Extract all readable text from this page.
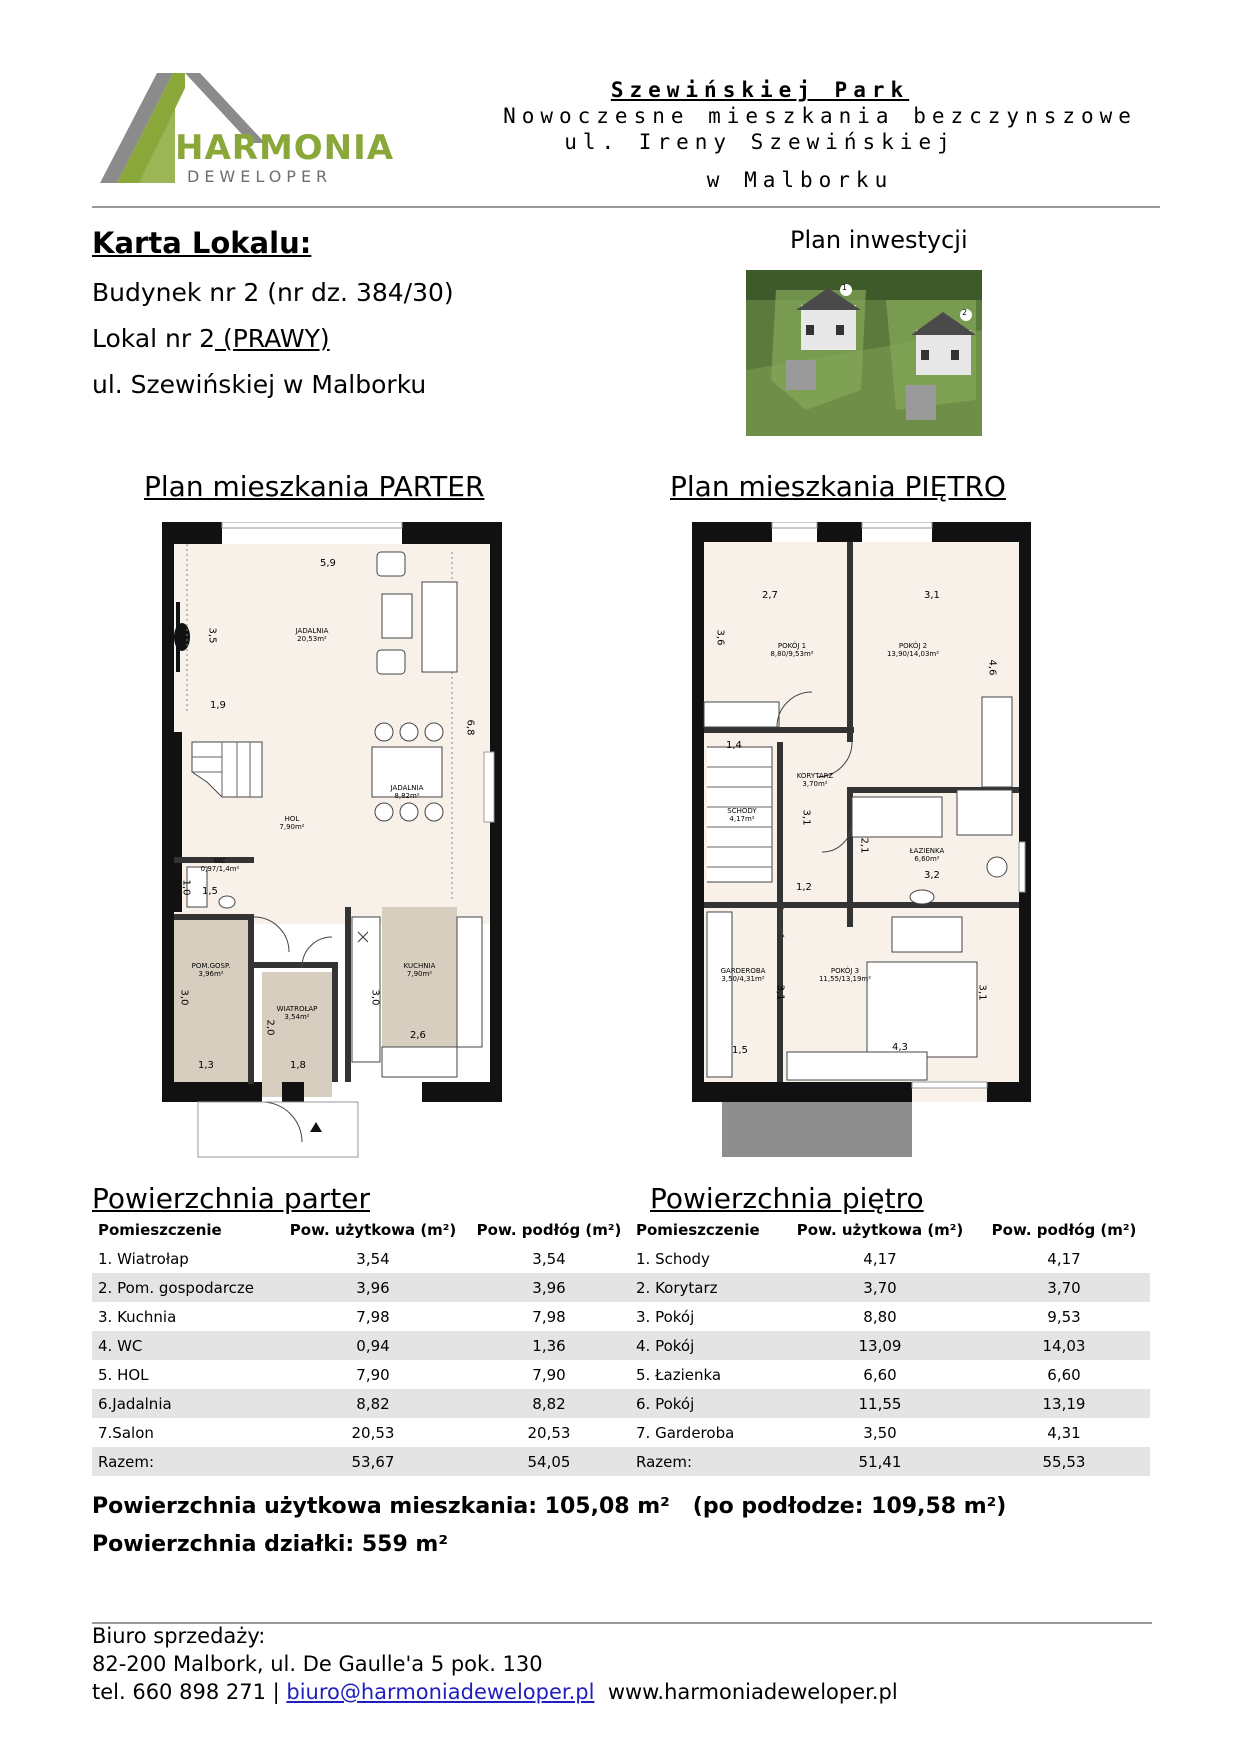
HARMONIA
DEWELOPER
Szewińskiej Park
Nowoczesne mieszkania bezczynszowe
ul. Ireny Szewińskiej
w Malborku
Karta Lokalu:
Budynek nr 2 (nr dz. 384/30)
Lokal nr 2 (PRAWY)
ul. Szewińskiej w Malborku
Plan inwestycji
1
2
Plan mieszkania PARTER	Plan mieszkania PIĘTRO
JADALNIA
20,53m²
JADALNIA
8,82m²
HOL
7,90m²
WC
0,97/1,4m²
POM.GOSP.
3,96m²
WIATROŁAP
3,54m²
KUCHNIA
7,90m²
5,9
3,5
1,9
6,8
1,0 1,5
3,0
1,3
2,0
1,8
3,0
2,6
POKÓJ 1
8,80/9,53m²
POKÓJ 2
13,90/14,03m²
KORYTARZ
3,70m²
SCHODY
4,17m²
ŁAZIENKA
6,60m²
GARDEROBA
3,50/4,31m²
POKÓJ 3
11,55/13,19m²
2,7	3,1
3,6
4,6
1,4
3,1
2,1
3,2
1,2
3,1	3,1
1,5	4,3
Powierzchnia parter	Powierzchnia piętro
Pomieszczenie	Pow. użytkowa (m²)	Pow. podłóg (m²)
1. Wiatrołap	3,54	3,54
2. Pom. gospodarcze	3,96	3,96
3. Kuchnia	7,98	7,98
4. WC	0,94	1,36
5. HOL	7,90	7,90
6.Jadalnia	8,82	8,82
7.Salon	20,53	20,53
Razem:	53,67	54,05
Pomieszczenie	Pow. użytkowa (m²)	Pow. podłóg (m²)
1. Schody	4,17	4,17
2. Korytarz	3,70	3,70
3. Pokój	8,80	9,53
4. Pokój	13,09	14,03
5. Łazienka	6,60	6,60
6. Pokój	11,55	13,19
7. Garderoba	3,50	4,31
Razem:	51,41	55,53
Powierzchnia użytkowa mieszkania: 105,08 m² (po podłodze: 109,58 m²)
Powierzchnia działki: 559 m²
Biuro sprzedaży:
82-200 Malbork, ul. De Gaulle'a 5 pok. 130
tel. 660 898 271 | biuro@harmoniadeweloper.pl www.harmoniadeweloper.pl
